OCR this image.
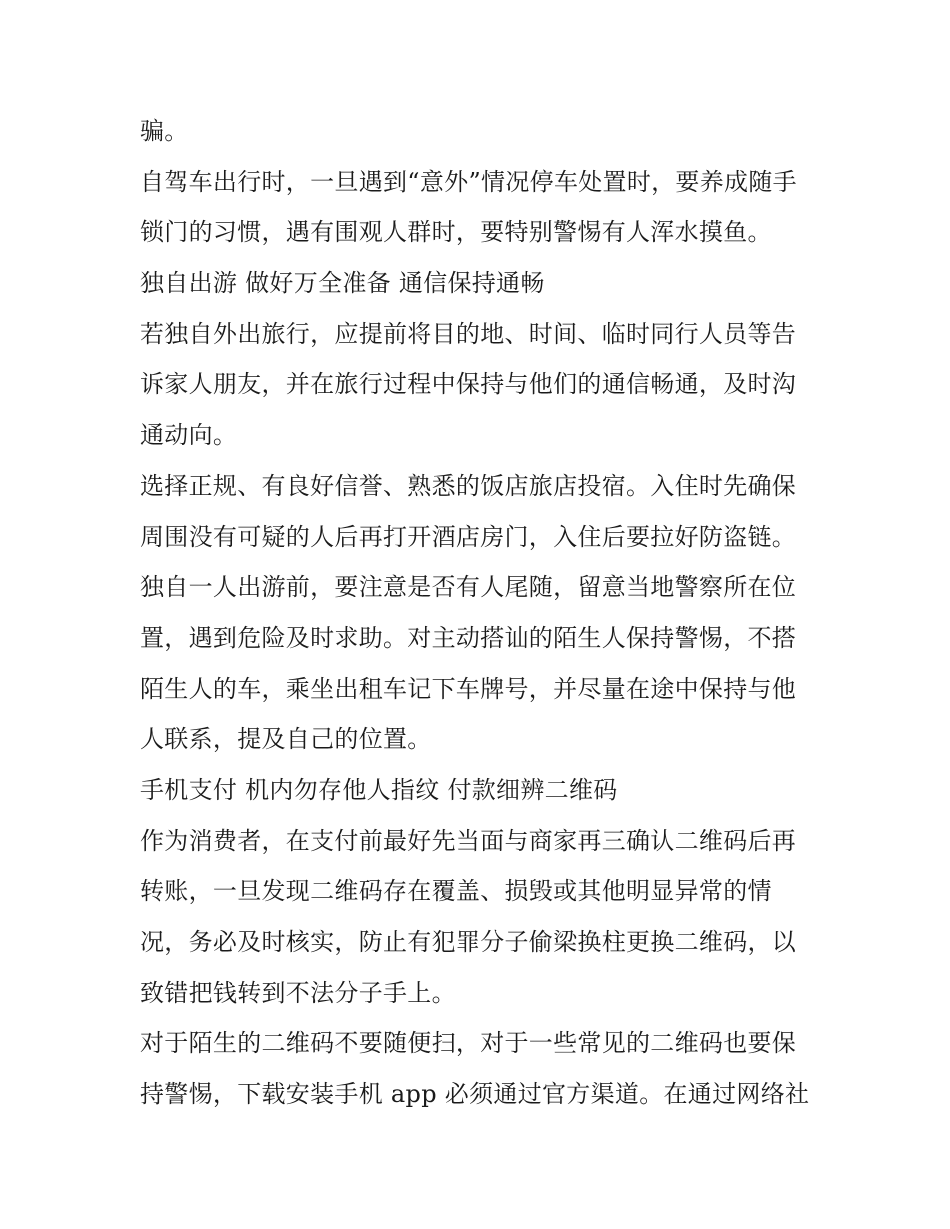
骗。
自驾车出行时，一旦遇到“意外”情况停车处置时，要养成随手
锁门的习惯，遇有围观人群时，要特别警惕有人浑水摸鱼。
独自出游 做好万全准备 通信保持通畅
若独自外出旅行，应提前将目的地、时间、临时同行人员等告
诉家人朋友，并在旅行过程中保持与他们的通信畅通，及时沟
通动向。
选择正规、有良好信誉、熟悉的饭店旅店投宿。入住时先确保
周围没有可疑的人后再打开酒店房门，入住后要拉好防盗链。
独自一人出游前，要注意是否有人尾随，留意当地警察所在位
置，遇到危险及时求助。对主动搭讪的陌生人保持警惕，不搭
陌生人的车，乘坐出租车记下车牌号，并尽量在途中保持与他
人联系，提及自己的位置。
手机支付 机内勿存他人指纹 付款细辨二维码
作为消费者，在支付前最好先当面与商家再三确认二维码后再
转账，一旦发现二维码存在覆盖、损毁或其他明显异常的情
况，务必及时核实，防止有犯罪分子偷梁换柱更换二维码，以
致错把钱转到不法分子手上。
对于陌生的二维码不要随便扫，对于一些常见的二维码也要保
持警惕，下载安装手机 app 必须通过官方渠道。在通过网络社
